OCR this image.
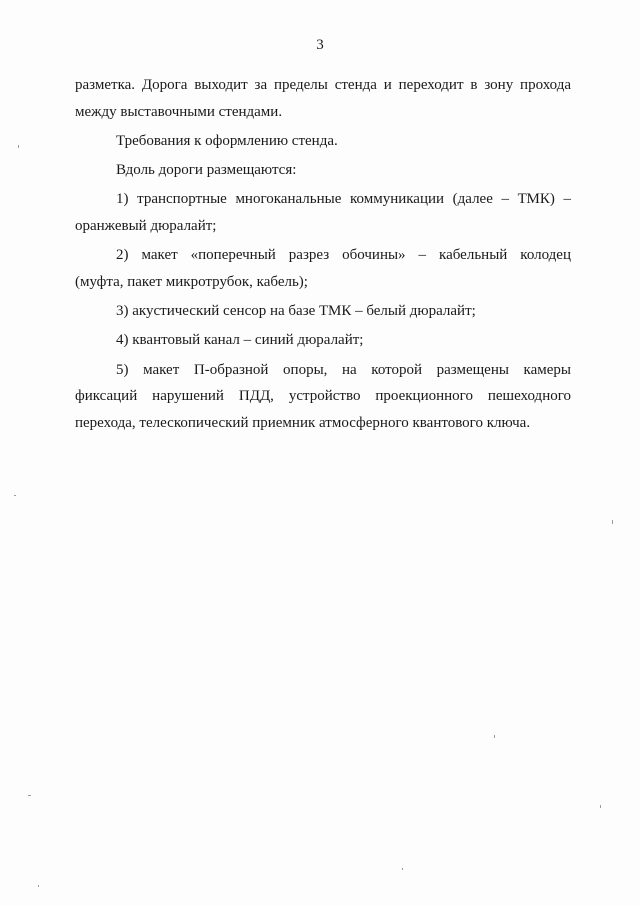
3

разметка. Дорога выходит за пределы стенда и переходит в зону прохода
между выставочными стендами.

Требования к оформлению стенда.

Вдоль дороги размещаются:

1) транспортные многоканальные коммуникации (далее – ТМК) –
оранжевый дюралайт;

2) макет «поперечный разрез обочины» – кабельный колодец
(муфта, пакет микротрубок, кабель);

3) акустический сенсор на базе ТМК – белый дюралайт;

4) квантовый канал – синий дюралайт;

5) макет П-образной опоры, на которой размещены камеры
фиксаций нарушений ПДД, устройство проекционного пешеходного
перехода, телескопический приемник атмосферного квантового ключа.
